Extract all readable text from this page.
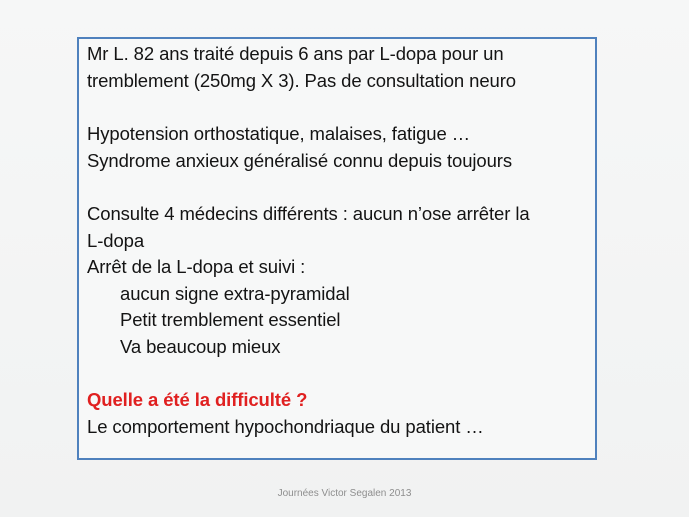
Mr L. 82 ans traité depuis 6 ans par L-dopa pour un
tremblement (250mg X 3). Pas de consultation neuro
Hypotension orthostatique, malaises, fatigue …
Syndrome anxieux généralisé connu depuis toujours
Consulte 4 médecins différents : aucun n’ose arrêter la
L-dopa
Arrêt de la L-dopa et suivi :
aucun signe extra-pyramidal
Petit tremblement essentiel
Va beaucoup mieux
Quelle a été la difficulté ?
Le comportement hypochondriaque du patient …
Journées Victor Segalen 2013
